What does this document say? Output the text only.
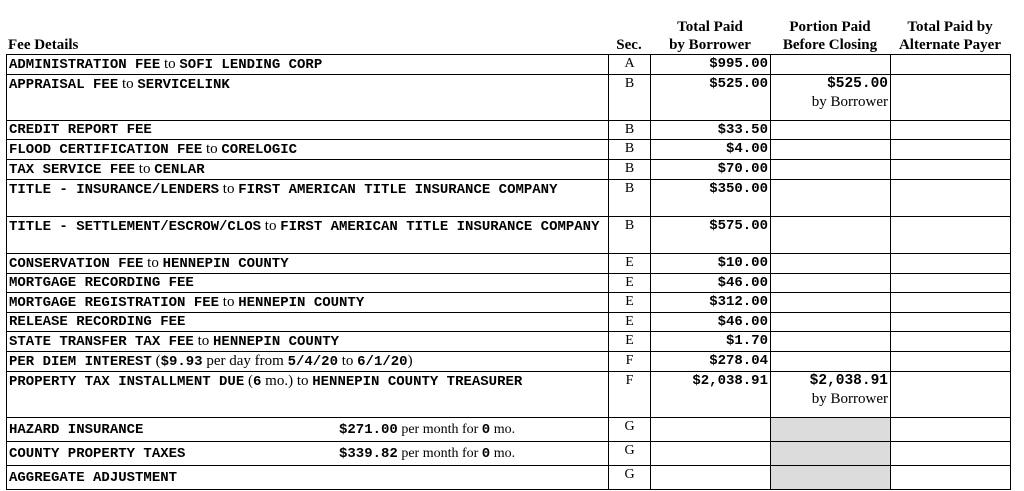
Fee Details	Sec.
Total Paid
by Borrower
Portion Paid
Before Closing
Total Paid by
Alternate Payer
ADMINISTRATION FEE to SOFI LENDING CORP	A	$995.00		
APPRAISAL FEE to SERVICELINK	B	$525.00	$525.00
by Borrower	

CREDIT REPORT FEE	B	$33.50		
FLOOD CERTIFICATION FEE to CORELOGIC	B	$4.00		
TAX SERVICE FEE to CENLAR	B	$70.00		
TITLE - INSURANCE/LENDERS to FIRST AMERICAN TITLE INSURANCE COMPANY	B	$350.00		
TITLE - SETTLEMENT/ESCROW/CLOS to FIRST AMERICAN TITLE INSURANCE COMPANY	B	$575.00		
CONSERVATION FEE to HENNEPIN COUNTY	E	$10.00		
MORTGAGE RECORDING FEE	E	$46.00		
MORTGAGE REGISTRATION FEE to HENNEPIN COUNTY	E	$312.00		
RELEASE RECORDING FEE	E	$46.00		
STATE TRANSFER TAX FEE to HENNEPIN COUNTY	E	$1.70		
PER DIEM INTEREST ($9.93 per day from 5/4/20 to 6/1/20)	F	$278.04		
PROPERTY TAX INSTALLMENT DUE (6 mo.) to HENNEPIN COUNTY TREASURER	F	$2,038.91	$2,038.91
by Borrower	

HAZARD INSURANCE $271.00 per month for 0 mo.	G			

COUNTY PROPERTY TAXES $339.82 per month for 0 mo.	G			
AGGREGATE ADJUSTMENT	G			
